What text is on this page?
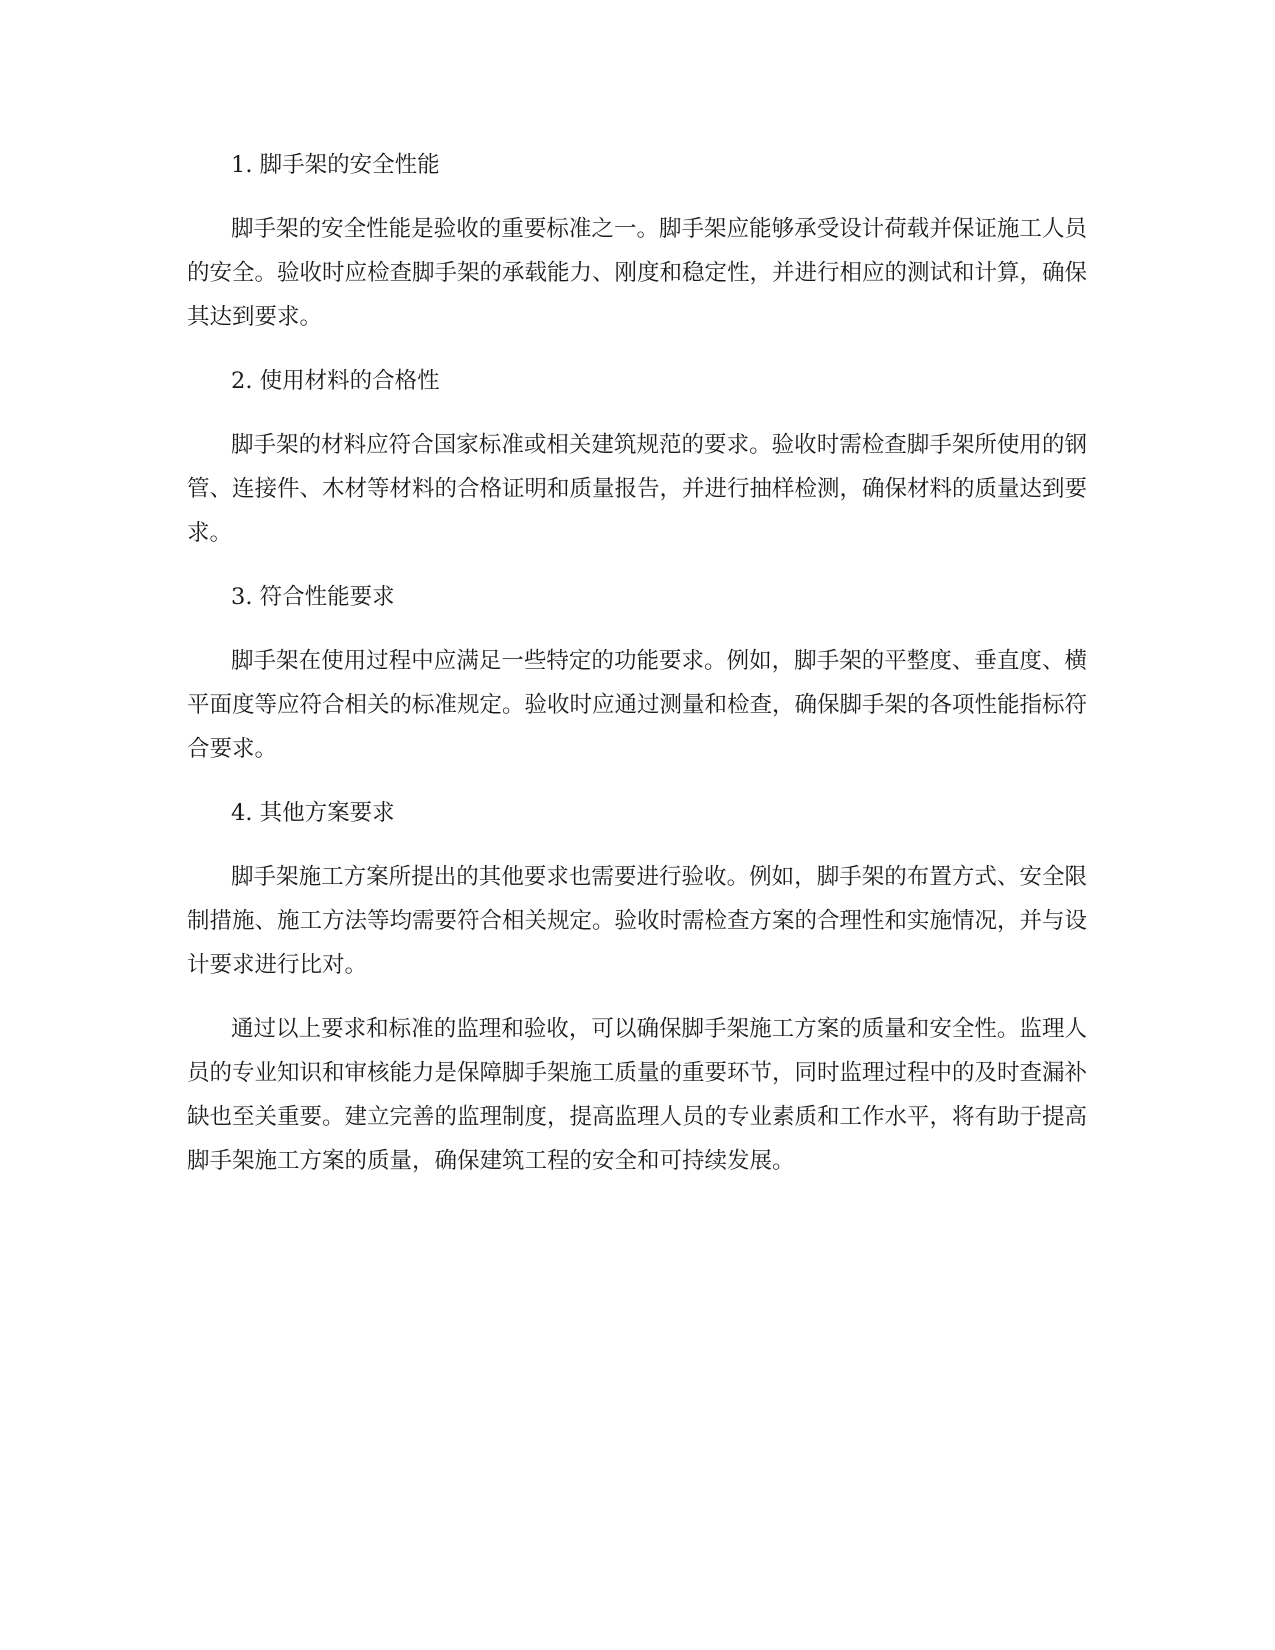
1. 脚手架的安全性能

脚手架的安全性能是验收的重要标准之一。脚手架应能够承受设计荷载并保证施工人员的安全。验收时应检查脚手架的承载能力、刚度和稳定性，并进行相应的测试和计算，确保其达到要求。

2. 使用材料的合格性

脚手架的材料应符合国家标准或相关建筑规范的要求。验收时需检查脚手架所使用的钢管、连接件、木材等材料的合格证明和质量报告，并进行抽样检测，确保材料的质量达到要求。

3. 符合性能要求

脚手架在使用过程中应满足一些特定的功能要求。例如，脚手架的平整度、垂直度、横平面度等应符合相关的标准规定。验收时应通过测量和检查，确保脚手架的各项性能指标符合要求。

4. 其他方案要求

脚手架施工方案所提出的其他要求也需要进行验收。例如，脚手架的布置方式、安全限制措施、施工方法等均需要符合相关规定。验收时需检查方案的合理性和实施情况，并与设计要求进行比对。

通过以上要求和标准的监理和验收，可以确保脚手架施工方案的质量和安全性。监理人员的专业知识和审核能力是保障脚手架施工质量的重要环节，同时监理过程中的及时查漏补缺也至关重要。建立完善的监理制度，提高监理人员的专业素质和工作水平，将有助于提高脚手架施工方案的质量，确保建筑工程的安全和可持续发展。
